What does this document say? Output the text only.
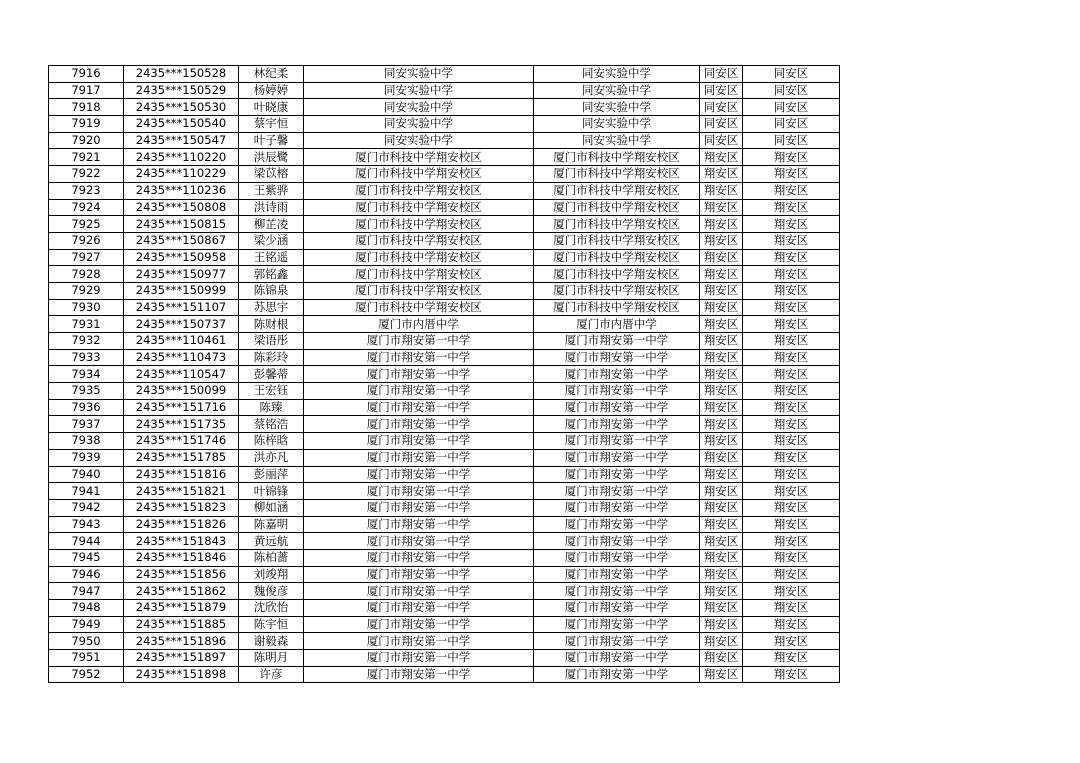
7916	2435***150528	林纪柔	同安实验中学	同安实验中学	同安区	同安区
7917	2435***150529	杨婷婷	同安实验中学	同安实验中学	同安区	同安区
7918	2435***150530	叶晓康	同安实验中学	同安实验中学	同安区	同安区
7919	2435***150540	蔡宇恒	同安实验中学	同安实验中学	同安区	同安区
7920	2435***150547	叶子馨	同安实验中学	同安实验中学	同安区	同安区
7921	2435***110220	洪辰鹭	厦门市科技中学翔安校区	厦门市科技中学翔安校区	翔安区	翔安区
7922	2435***110229	梁苡榕	厦门市科技中学翔安校区	厦门市科技中学翔安校区	翔安区	翔安区
7923	2435***110236	王紫骅	厦门市科技中学翔安校区	厦门市科技中学翔安校区	翔安区	翔安区
7924	2435***150808	洪诗雨	厦门市科技中学翔安校区	厦门市科技中学翔安校区	翔安区	翔安区
7925	2435***150815	柳芷凌	厦门市科技中学翔安校区	厦门市科技中学翔安校区	翔安区	翔安区
7926	2435***150867	梁少涵	厦门市科技中学翔安校区	厦门市科技中学翔安校区	翔安区	翔安区
7927	2435***150958	王铭遥	厦门市科技中学翔安校区	厦门市科技中学翔安校区	翔安区	翔安区
7928	2435***150977	郭铭鑫	厦门市科技中学翔安校区	厦门市科技中学翔安校区	翔安区	翔安区
7929	2435***150999	陈锦泉	厦门市科技中学翔安校区	厦门市科技中学翔安校区	翔安区	翔安区
7930	2435***151107	苏思宇	厦门市科技中学翔安校区	厦门市科技中学翔安校区	翔安区	翔安区
7931	2435***150737	陈财根	厦门市内厝中学	厦门市内厝中学	翔安区	翔安区
7932	2435***110461	梁语彤	厦门市翔安第一中学	厦门市翔安第一中学	翔安区	翔安区
7933	2435***110473	陈彩玲	厦门市翔安第一中学	厦门市翔安第一中学	翔安区	翔安区
7934	2435***110547	彭馨蒂	厦门市翔安第一中学	厦门市翔安第一中学	翔安区	翔安区
7935	2435***150099	王宏钰	厦门市翔安第一中学	厦门市翔安第一中学	翔安区	翔安区
7936	2435***151716	陈臻	厦门市翔安第一中学	厦门市翔安第一中学	翔安区	翔安区
7937	2435***151735	蔡铭浩	厦门市翔安第一中学	厦门市翔安第一中学	翔安区	翔安区
7938	2435***151746	陈梓晗	厦门市翔安第一中学	厦门市翔安第一中学	翔安区	翔安区
7939	2435***151785	洪亦凡	厦门市翔安第一中学	厦门市翔安第一中学	翔安区	翔安区
7940	2435***151816	彭丽萍	厦门市翔安第一中学	厦门市翔安第一中学	翔安区	翔安区
7941	2435***151821	叶锦锋	厦门市翔安第一中学	厦门市翔安第一中学	翔安区	翔安区
7942	2435***151823	柳如涵	厦门市翔安第一中学	厦门市翔安第一中学	翔安区	翔安区
7943	2435***151826	陈嘉明	厦门市翔安第一中学	厦门市翔安第一中学	翔安区	翔安区
7944	2435***151843	黄远航	厦门市翔安第一中学	厦门市翔安第一中学	翔安区	翔安区
7945	2435***151846	陈柏蔷	厦门市翔安第一中学	厦门市翔安第一中学	翔安区	翔安区
7946	2435***151856	刘竣翔	厦门市翔安第一中学	厦门市翔安第一中学	翔安区	翔安区
7947	2435***151862	魏俊彦	厦门市翔安第一中学	厦门市翔安第一中学	翔安区	翔安区
7948	2435***151879	沈欣怡	厦门市翔安第一中学	厦门市翔安第一中学	翔安区	翔安区
7949	2435***151885	陈宇恒	厦门市翔安第一中学	厦门市翔安第一中学	翔安区	翔安区
7950	2435***151896	谢毅森	厦门市翔安第一中学	厦门市翔安第一中学	翔安区	翔安区
7951	2435***151897	陈明月	厦门市翔安第一中学	厦门市翔安第一中学	翔安区	翔安区
7952	2435***151898	许彦	厦门市翔安第一中学	厦门市翔安第一中学	翔安区	翔安区
